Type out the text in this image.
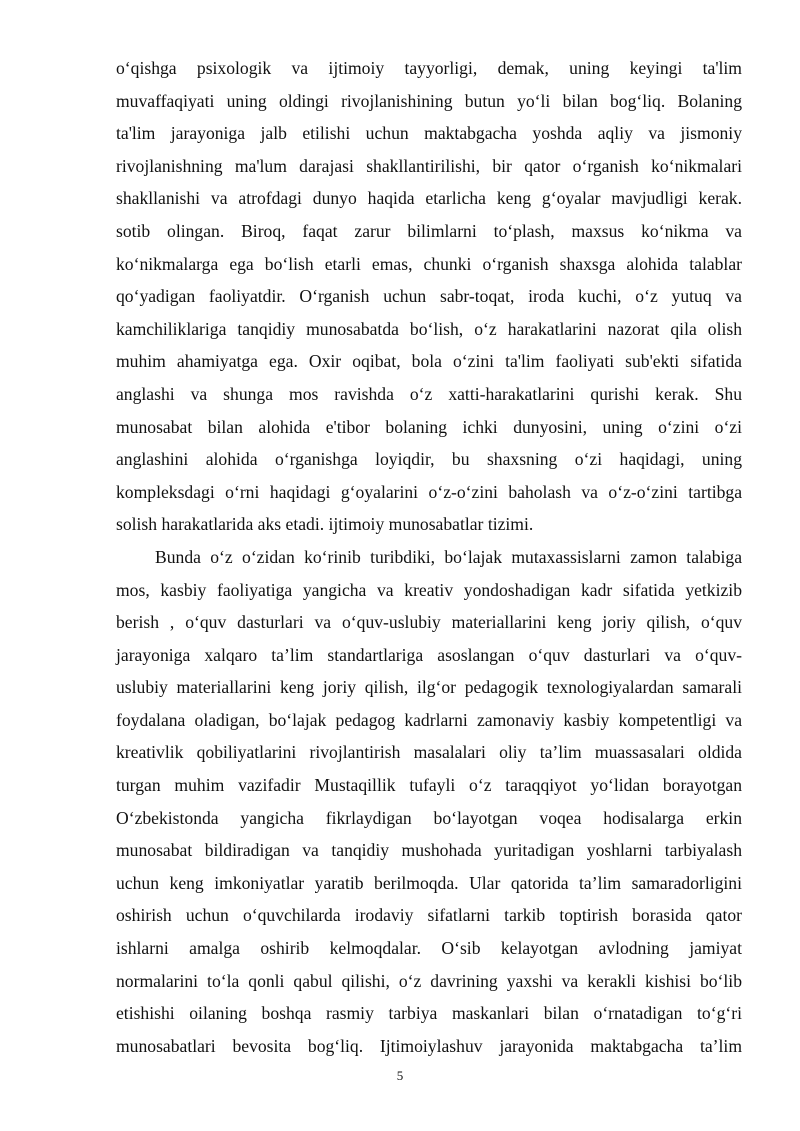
o‘qishga psixologik va ijtimoiy tayyorligi, demak, uning keyingi ta'lim
muvaffaqiyati uning oldingi rivojlanishining butun yo‘li bilan bog‘liq. Bolaning
ta'lim jarayoniga jalb etilishi uchun maktabgacha yoshda aqliy va jismoniy
rivojlanishning ma'lum darajasi shakllantirilishi, bir qator o‘rganish ko‘nikmalari
shakllanishi va atrofdagi dunyo haqida etarlicha keng g‘oyalar mavjudligi kerak.
sotib olingan. Biroq, faqat zarur bilimlarni to‘plash, maxsus ko‘nikma va
ko‘nikmalarga ega bo‘lish etarli emas, chunki o‘rganish shaxsga alohida talablar
qo‘yadigan faoliyatdir. O‘rganish uchun sabr-toqat, iroda kuchi, o‘z yutuq va
kamchiliklariga tanqidiy munosabatda bo‘lish, o‘z harakatlarini nazorat qila olish
muhim ahamiyatga ega. Oxir oqibat, bola o‘zini ta'lim faoliyati sub'ekti sifatida
anglashi va shunga mos ravishda o‘z xatti-harakatlarini qurishi kerak. Shu
munosabat bilan alohida e'tibor bolaning ichki dunyosini, uning o‘zini o‘zi
anglashini alohida o‘rganishga loyiqdir, bu shaxsning o‘zi haqidagi, uning
kompleksdagi o‘rni haqidagi g‘oyalarini o‘z-o‘zini baholash va o‘z-o‘zini tartibga
solish harakatlarida aks etadi. ijtimoiy munosabatlar tizimi.
Bunda o‘z o‘zidan ko‘rinib turibdiki, bo‘lajak mutaxassislarni zamon talabiga
mos, kasbiy faoliyatiga yangicha va kreativ yondoshadigan kadr sifatida yetkizib
berish , o‘quv dasturlari va o‘quv-uslubiy materiallarini keng joriy qilish, o‘quv
jarayoniga xalqaro ta’lim standartlariga asoslangan o‘quv dasturlari va o‘quv-
uslubiy materiallarini keng joriy qilish, ilg‘or pedagogik texnologiyalardan samarali
foydalana oladigan, bo‘lajak pedagog kadrlarni zamonaviy kasbiy kompetentligi va
kreativlik qobiliyatlarini rivojlantirish masalalari oliy ta’lim muassasalari oldida
turgan muhim vazifadir Mustaqillik tufayli o‘z taraqqiyot yo‘lidan borayotgan
O‘zbekistonda yangicha fikrlaydigan bo‘layotgan voqea hodisalarga erkin
munosabat bildiradigan va tanqidiy mushohada yuritadigan yoshlarni tarbiyalash
uchun keng imkoniyatlar yaratib berilmoqda. Ular qatorida ta’lim samaradorligini
oshirish uchun o‘quvchilarda irodaviy sifatlarni tarkib toptirish borasida qator
ishlarni amalga oshirib kelmoqdalar. O‘sib kelayotgan avlodning jamiyat
normalarini to‘la qonli qabul qilishi, o‘z davrining yaxshi va kerakli kishisi bo‘lib
etishishi oilaning boshqa rasmiy tarbiya maskanlari bilan o‘rnatadigan to‘g‘ri
munosabatlari bevosita bog‘liq. Ijtimoiylashuv jarayonida maktabgacha ta’lim
5
